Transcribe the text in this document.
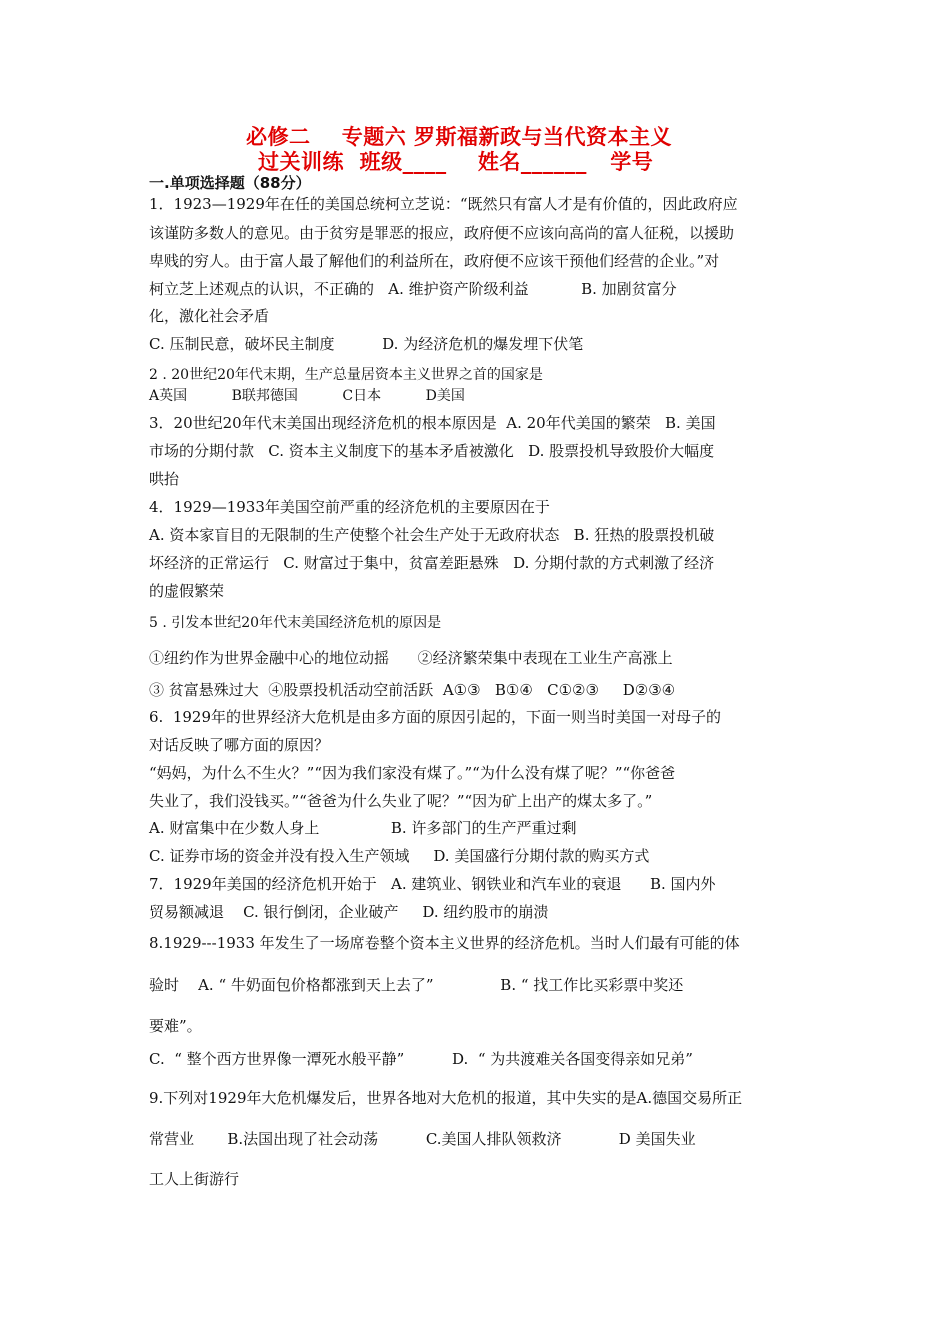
必修二    专题六 罗斯福新政与当代资本主义
过关训练  班级____    姓名______   学号
一.单项选择题（88分）
1．1923—1929年在任的美国总统柯立芝说：“既然只有富人才是有价值的，因此政府应
该谨防多数人的意见。由于贫穷是罪恶的报应，政府便不应该向高尚的富人征税，以援助
卑贱的穷人。由于富人最了解他们的利益所在，政府便不应该干预他们经营的企业。”对
柯立芝上述观点的认识，不正确的   A. 维护资产阶级利益           B. 加剧贫富分
化，激化社会矛盾
C. 压制民意，破坏民主制度          D. 为经济危机的爆发埋下伏笔
2 . 20世纪20年代末期，生产总量居资本主义世界之首的国家是
A英国          B联邦德国          C日本          D美国
3．20世纪20年代末美国出现经济危机的根本原因是  A. 20年代美国的繁荣   B. 美国
市场的分期付款   C. 资本主义制度下的基本矛盾被激化   D. 股票投机导致股价大幅度
哄抬
4．1929—1933年美国空前严重的经济危机的主要原因在于
A. 资本家盲目的无限制的生产使整个社会生产处于无政府状态   B. 狂热的股票投机破
坏经济的正常运行   C. 财富过于集中，贫富差距悬殊   D. 分期付款的方式刺激了经济
的虚假繁荣
5 . 引发本世纪20年代末美国经济危机的原因是
①纽约作为世界金融中心的地位动摇      ②经济繁荣集中表现在工业生产高涨上
③ 贫富悬殊过大  ④股票投机活动空前活跃  A①③   B①④   C①②③     D②③④
6.  1929年的世界经济大危机是由多方面的原因引起的，下面一则当时美国一对母子的
对话反映了哪方面的原因？
“妈妈，为什么不生火？”“因为我们家没有煤了。”“为什么没有煤了呢？”“你爸爸
失业了，我们没钱买。”“爸爸为什么失业了呢？”“因为矿上出产的煤太多了。”
A. 财富集中在少数人身上               B. 许多部门的生产严重过剩
C. 证券市场的资金并没有投入生产领域     D. 美国盛行分期付款的购买方式
7．1929年美国的经济危机开始于   A. 建筑业、钢铁业和汽车业的衰退      B. 国内外
贸易额减退    C. 银行倒闭，企业破产     D. 纽约股市的崩溃
8.1929---1933 年发生了一场席卷整个资本主义世界的经济危机。当时人们最有可能的体
验时    A. “ 牛奶面包价格都涨到天上去了”              B. “ 找工作比买彩票中奖还
要难”。
C.  “ 整个西方世界像一潭死水般平静”          D.  “ 为共渡难关各国变得亲如兄弟”
9.下列对1929年大危机爆发后，世界各地对大危机的报道，其中失实的是A.德国交易所正
常营业       B.法国出现了社会动荡          C.美国人排队领救济            D 美国失业
工人上街游行
